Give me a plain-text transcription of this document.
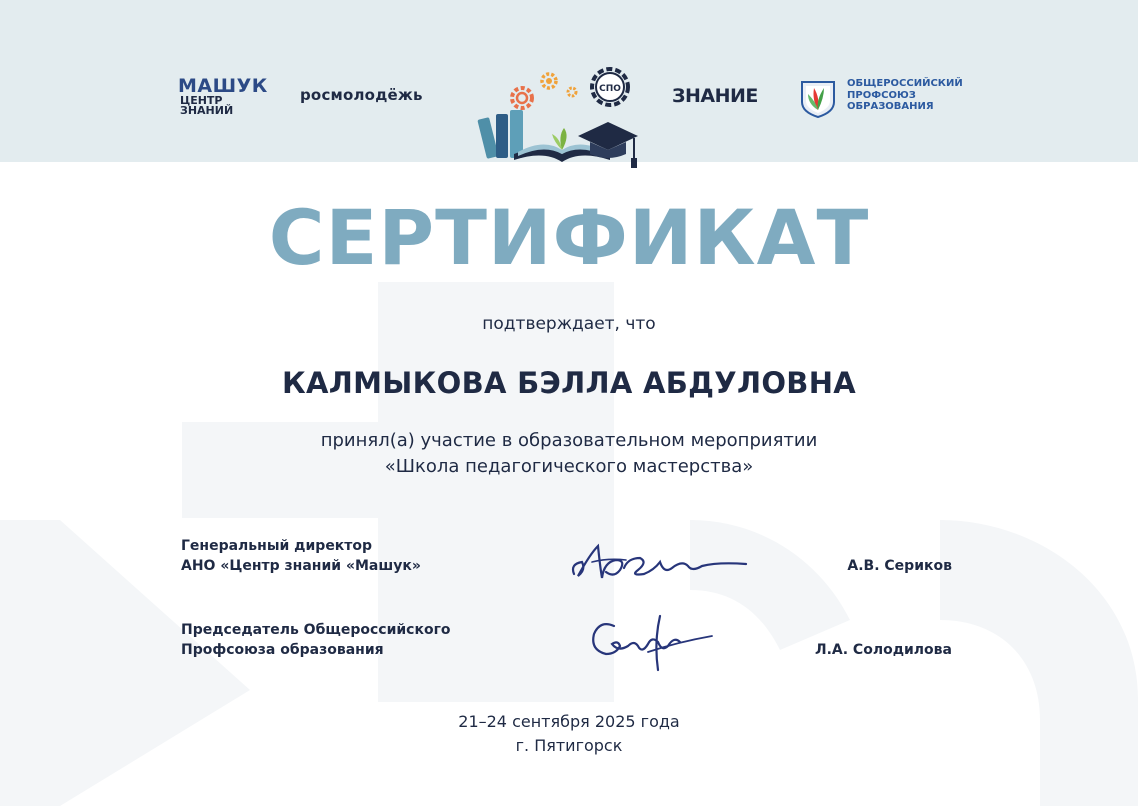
МАШУК
ЦЕНТР
ЗНАНИЙ
росмолодёжь	СПО	ЗНАНИЕ
ОБЩЕРОССИЙСКИЙ
ПРОФСОЮЗ
ОБРАЗОВАНИЯ
СЕРТИФИКАТ
подтверждает, что
КАЛМЫКОВА БЭЛЛА АБДУЛОВНА
принял(а) участие в образовательном мероприятии
«Школа педагогического мастерства»
Генеральный директор
АНО «Центр знаний «Машук»	А.В. Сериков
Председатель Общероссийского
Профсоюза образования	Л.А. Солодилова
21–24 сентября 2025 года
г. Пятигорск
